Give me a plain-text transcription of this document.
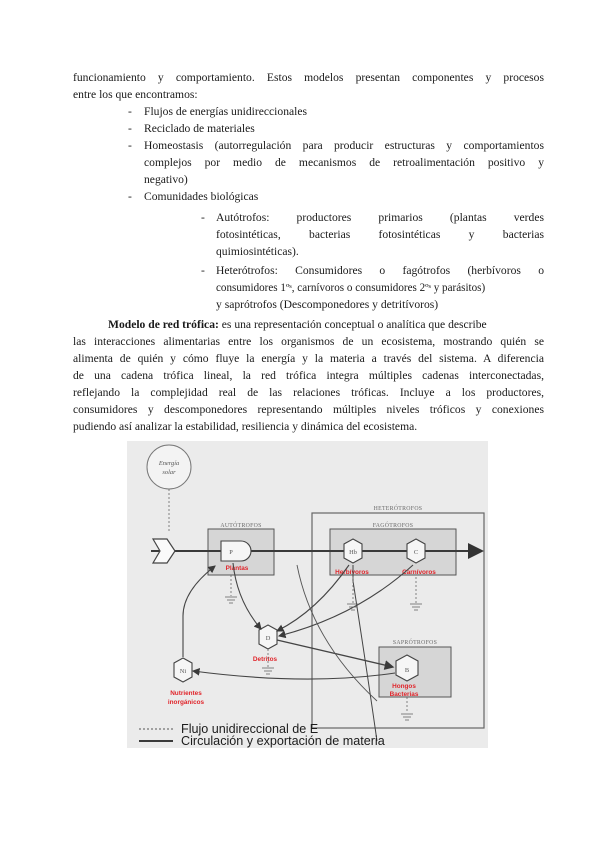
funcionamiento y comportamiento. Estos modelos presentan componentes y procesos
entre los que encontramos:
- Flujos de energías unidireccionales
- Reciclado de materiales
- Homeostasis (autorregulación para producir estructuras y comportamientos
complejos por medio de mecanismos de retroalimentación positivo y
negativo)
- Comunidades biológicas
- Autótrofos: productores primarios (plantas verdes
fotosintéticas, bacterias fotosintéticas y bacterias
quimiosintéticas).
- Heterótrofos: Consumidores o fagótrofos (herbívoros o
consumidores 1ºˢ, carnívoros o consumidores 2ºˢ y parásitos)
y saprótrofos (Descomponedores y detritívoros)
Modelo de red trófica: es una representación conceptual o analítica que describe
las interacciones alimentarias entre los organismos de un ecosistema, mostrando quién se
alimenta de quién y cómo fluye la energía y la materia a través del sistema. A diferencia
de una cadena trófica lineal, la red trófica integra múltiples cadenas interconectadas,
reflejando la complejidad real de las relaciones tróficas. Incluye a los productores,
consumidores y descomponedores representando múltiples niveles tróficos y conexiones
pudiendo así analizar la estabilidad, resiliencia y dinámica del ecosistema.
Energía
solar
HETERÓTROFOS
FAGÓTROFOS
AUTÓTROFOS
SAPRÓTROFOS
P
Plantas
Hb
Herbívoros
C
Carnívoros
D
Detritos
B
Hongos
Bacterias
Ni
Nutrientes
inorgánicos
Flujo unidireccional de E
Circulación y exportación de materia
